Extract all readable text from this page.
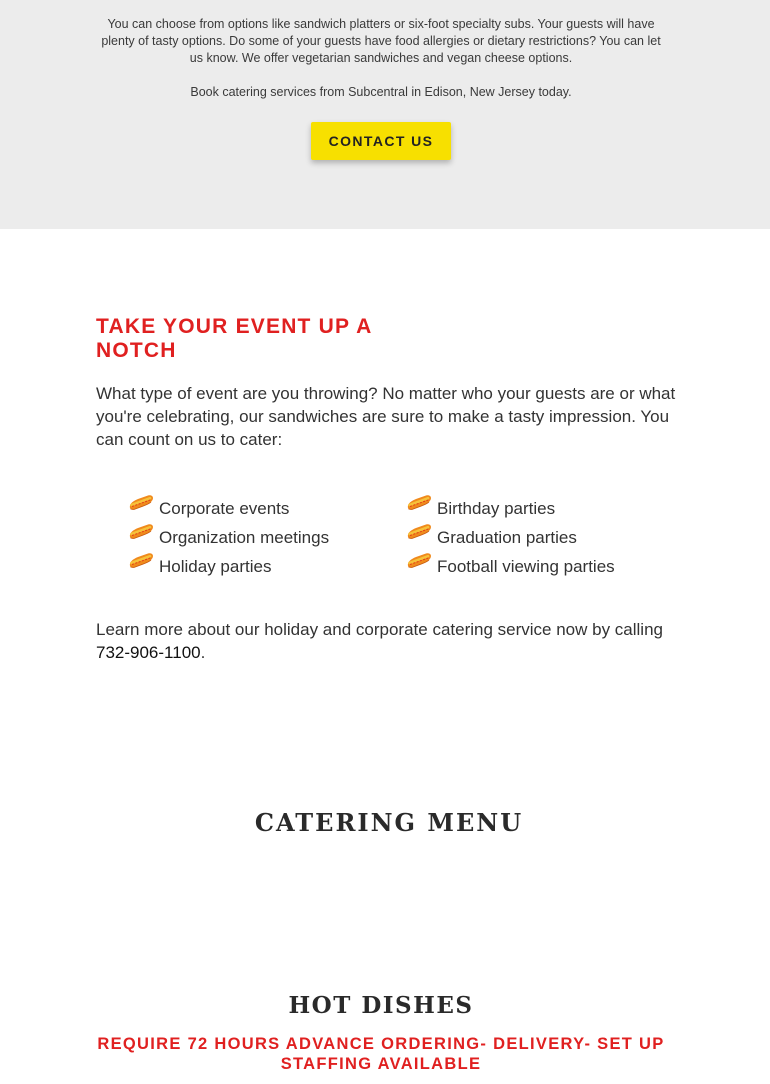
You can choose from options like sandwich platters or six-foot specialty subs. Your guests will have plenty of tasty options. Do some of your guests have food allergies or dietary restrictions? You can let us know. We offer vegetarian sandwiches and vegan cheese options.

Book catering services from Subcentral in Edison, New Jersey today.

CONTACT US
TAKE YOUR EVENT UP A NOTCH

What type of event are you throwing? No matter who your guests are or what you're celebrating, our sandwiches are sure to make a tasty impression. You can count on us to cater:

Corporate events
Organization meetings
Holiday parties
Birthday parties
Graduation parties
Football viewing parties

Learn more about our holiday and corporate catering service now by calling 732-906-1100.

CATERING MENU
HOT DISHES

REQUIRE 72 HOURS ADVANCE ORDERING- DELIVERY- SET UP STAFFING AVAILABLE
